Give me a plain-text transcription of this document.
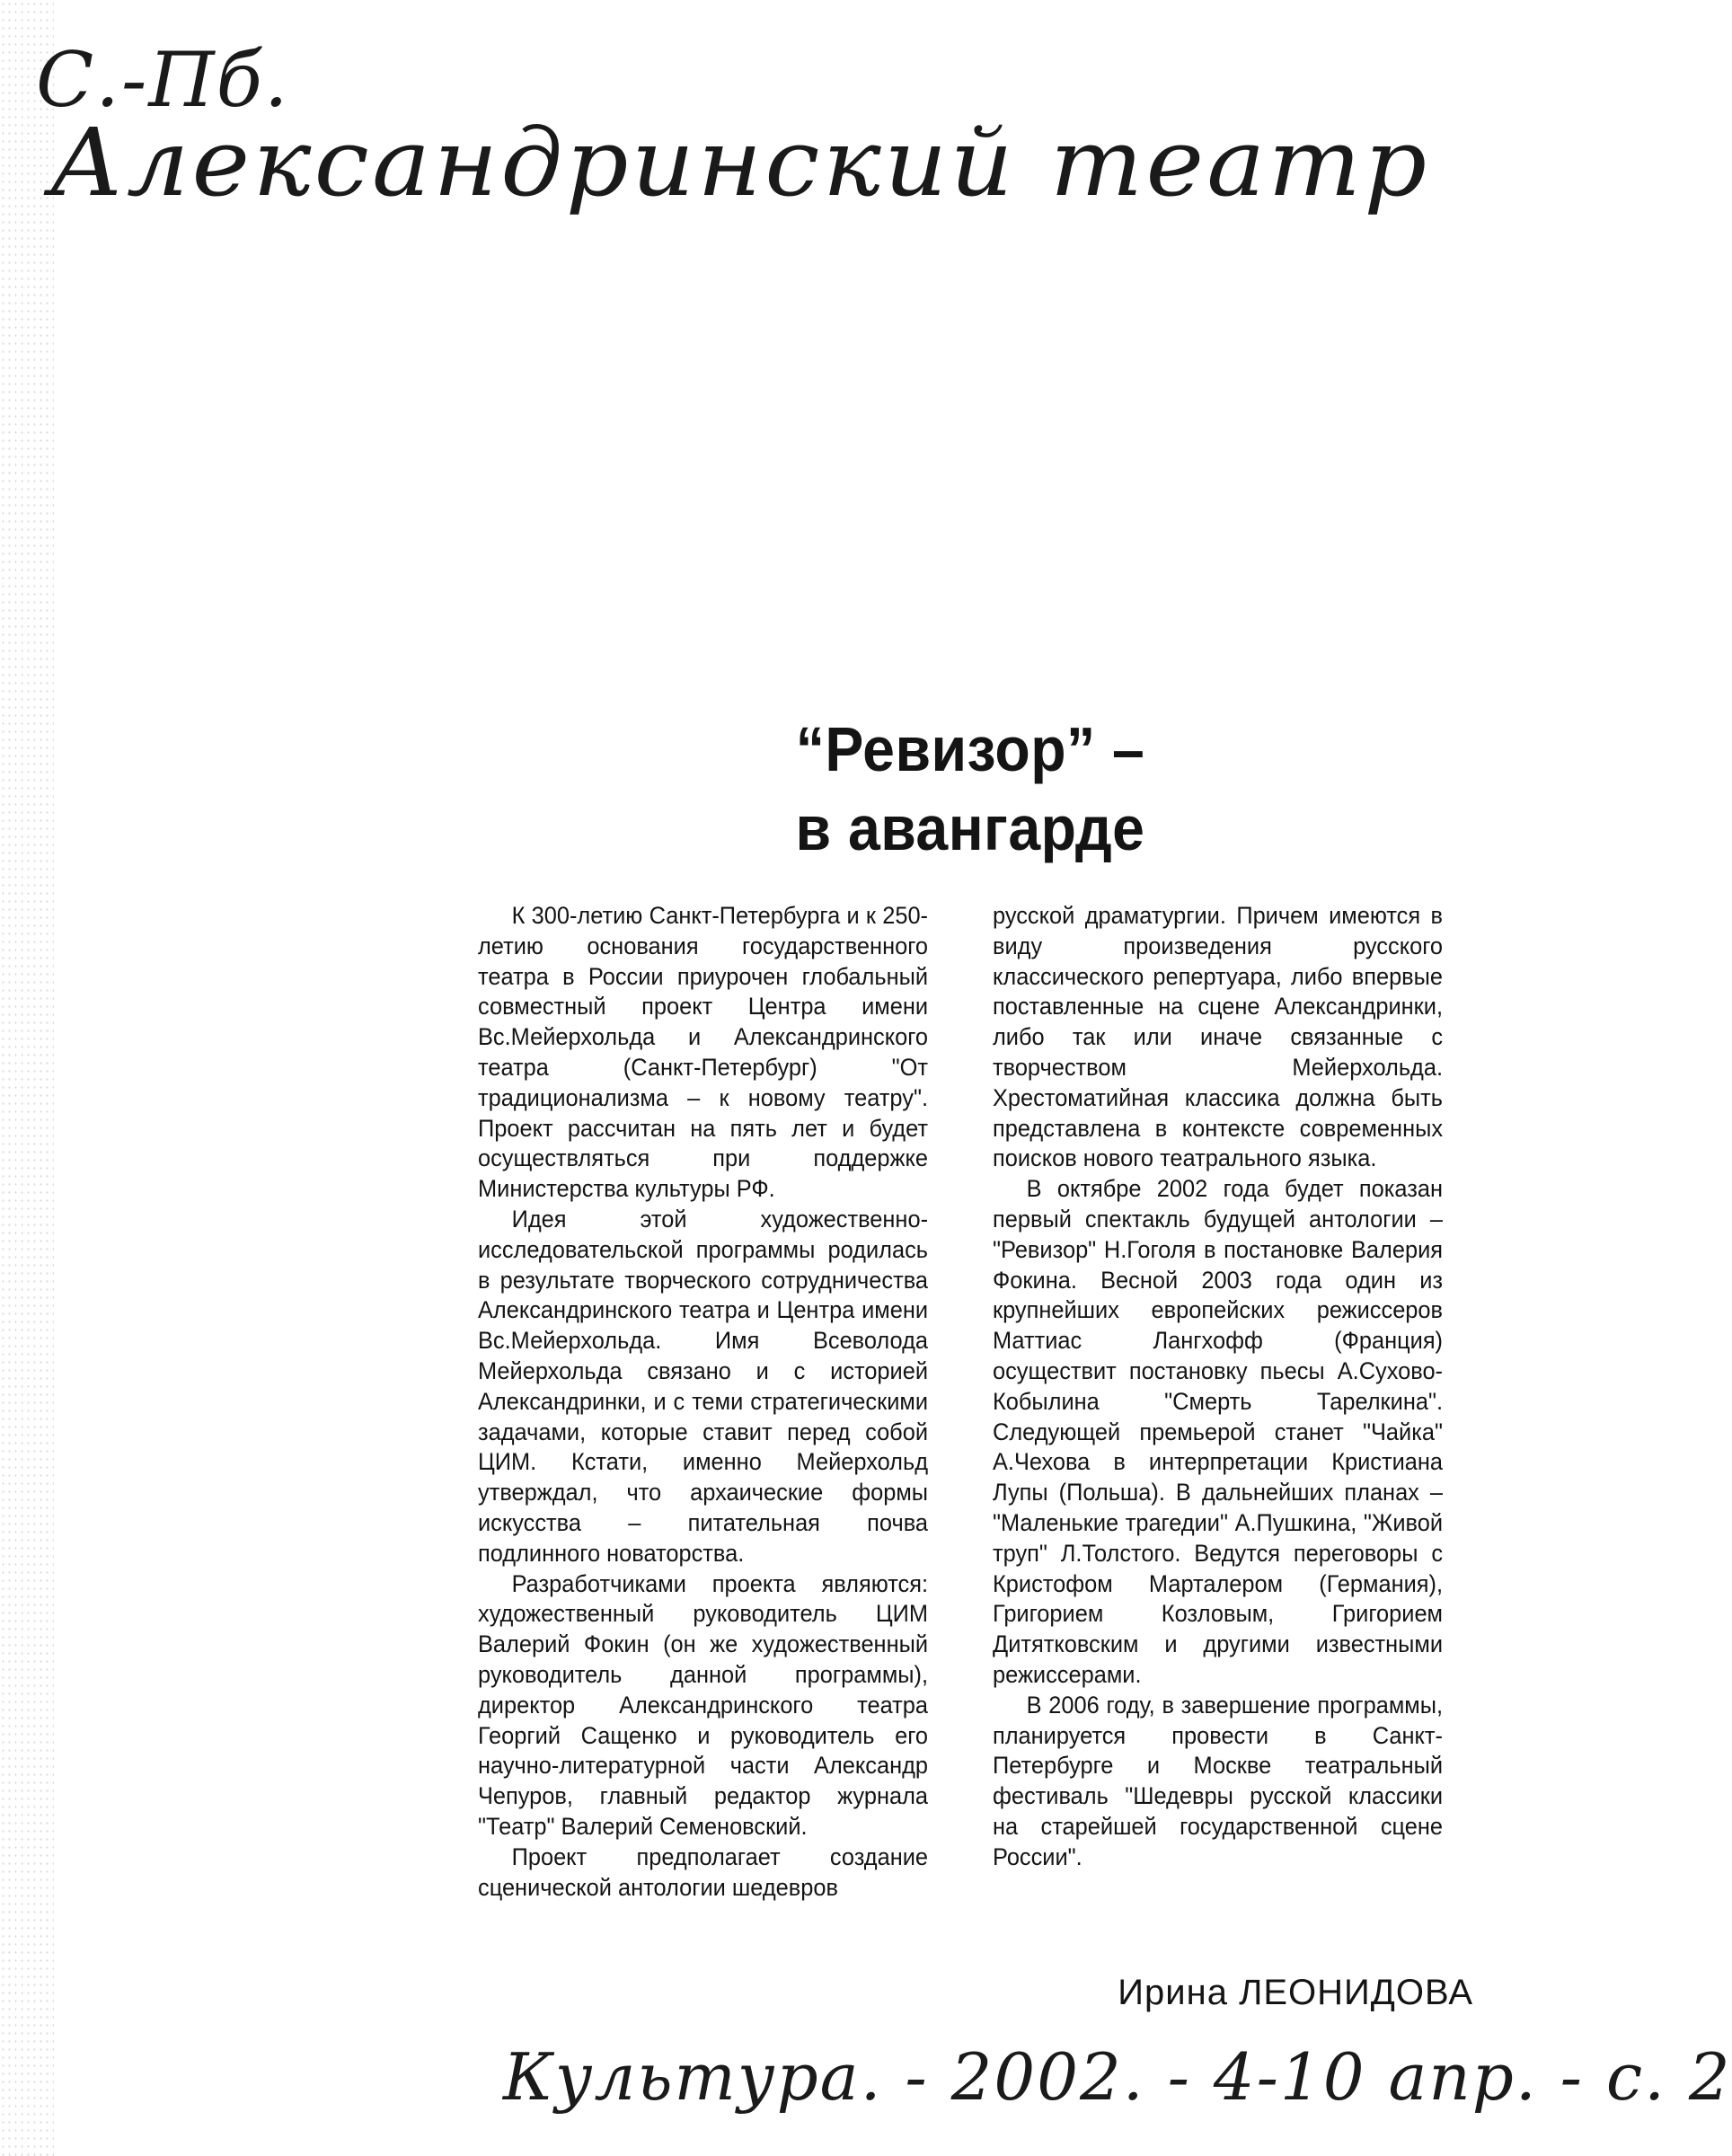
С.-Пб.
Александринский театр
“Ревизор” –
в авангарде

К 300-летию Санкт-Петербурга и к 250-летию основания государственного театра в России приурочен глобальный совместный проект Центра имени Вс.Мейерхольда и Александринского театра (Санкт-Петербург) "От традиционализма – к новому театру". Проект рассчитан на пять лет и будет осуществляться при поддержке Министерства культуры РФ.

Идея этой художественно-исследовательской программы родилась в результате творческого сотрудничества Александринского театра и Центра имени Вс.Мейерхольда. Имя Всеволода Мейерхольда связано и с историей Александринки, и с теми стратегическими задачами, которые ставит перед собой ЦИМ. Кстати, именно Мейерхольд утверждал, что архаические формы искусства – питательная почва подлинного новаторства.

Разработчиками проекта являются: художественный руководитель ЦИМ Валерий Фокин (он же художественный руководитель данной программы), директор Александринского театра Георгий Сащенко и руководитель его научно-литературной части Александр Чепуров, главный редактор журнала "Театр" Валерий Семеновский.

Проект предполагает создание сценической антологии шедевров

русской драматургии. Причем имеются в виду произведения русского классического репертуара, либо впервые поставленные на сцене Александринки, либо так или иначе связанные с творчеством Мейерхольда. Хрестоматийная классика должна быть представлена в контексте современных поисков нового театрального языка.

В октябре 2002 года будет показан первый спектакль будущей антологии – "Ревизор" Н.Гоголя в постановке Валерия Фокина. Весной 2003 года один из крупнейших европейских режиссеров Маттиас Лангхофф (Франция) осуществит постановку пьесы А.Сухово-Кобылина "Смерть Тарелкина". Следующей премьерой станет "Чайка" А.Чехова в интерпретации Кристиана Лупы (Польша). В дальнейших планах – "Маленькие трагедии" А.Пушкина, "Живой труп" Л.Толстого. Ведутся переговоры с Кристофом Марталером (Германия), Григорием Козловым, Григорием Дитятковским и другими известными режиссерами.

В 2006 году, в завершение программы, планируется провести в Санкт-Петербурге и Москве театральный фестиваль "Шедевры русской классики на старейшей государственной сцене России".

Ирина ЛЕОНИДОВА
Культура. - 2002. - 4-10 апр. - с. 2
